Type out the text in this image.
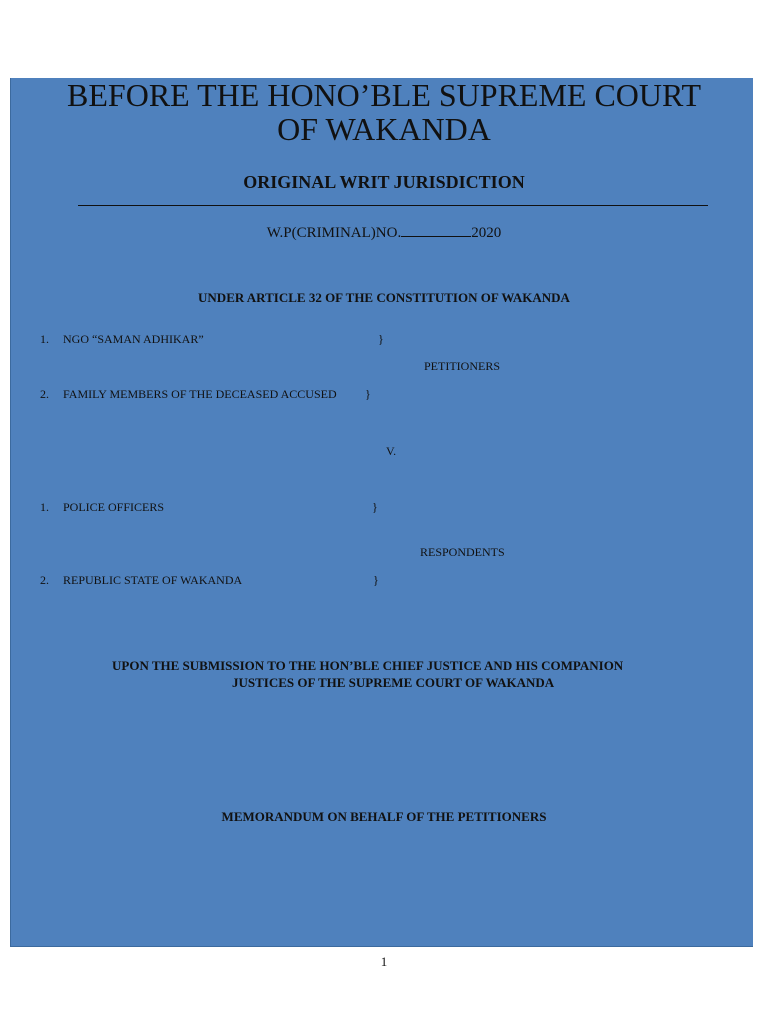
BEFORE THE HONO’BLE SUPREME COURT
OF WAKANDA
ORIGINAL WRIT JURISDICTION
W.P(CRIMINAL)NO.	2020
UNDER ARTICLE 32 OF THE CONSTITUTION OF WAKANDA
1. NGO “SAMAN ADHIKAR”	}
PETITIONERS
2. FAMILY MEMBERS OF THE DECEASED ACCUSED }
V.
1. POLICE OFFICERS	}
RESPONDENTS
2. REPUBLIC STATE OF WAKANDA	}
UPON THE SUBMISSION TO THE HON’BLE CHIEF JUSTICE AND HIS COMPANION
JUSTICES OF THE SUPREME COURT OF WAKANDA
MEMORANDUM ON BEHALF OF THE PETITIONERS
1
